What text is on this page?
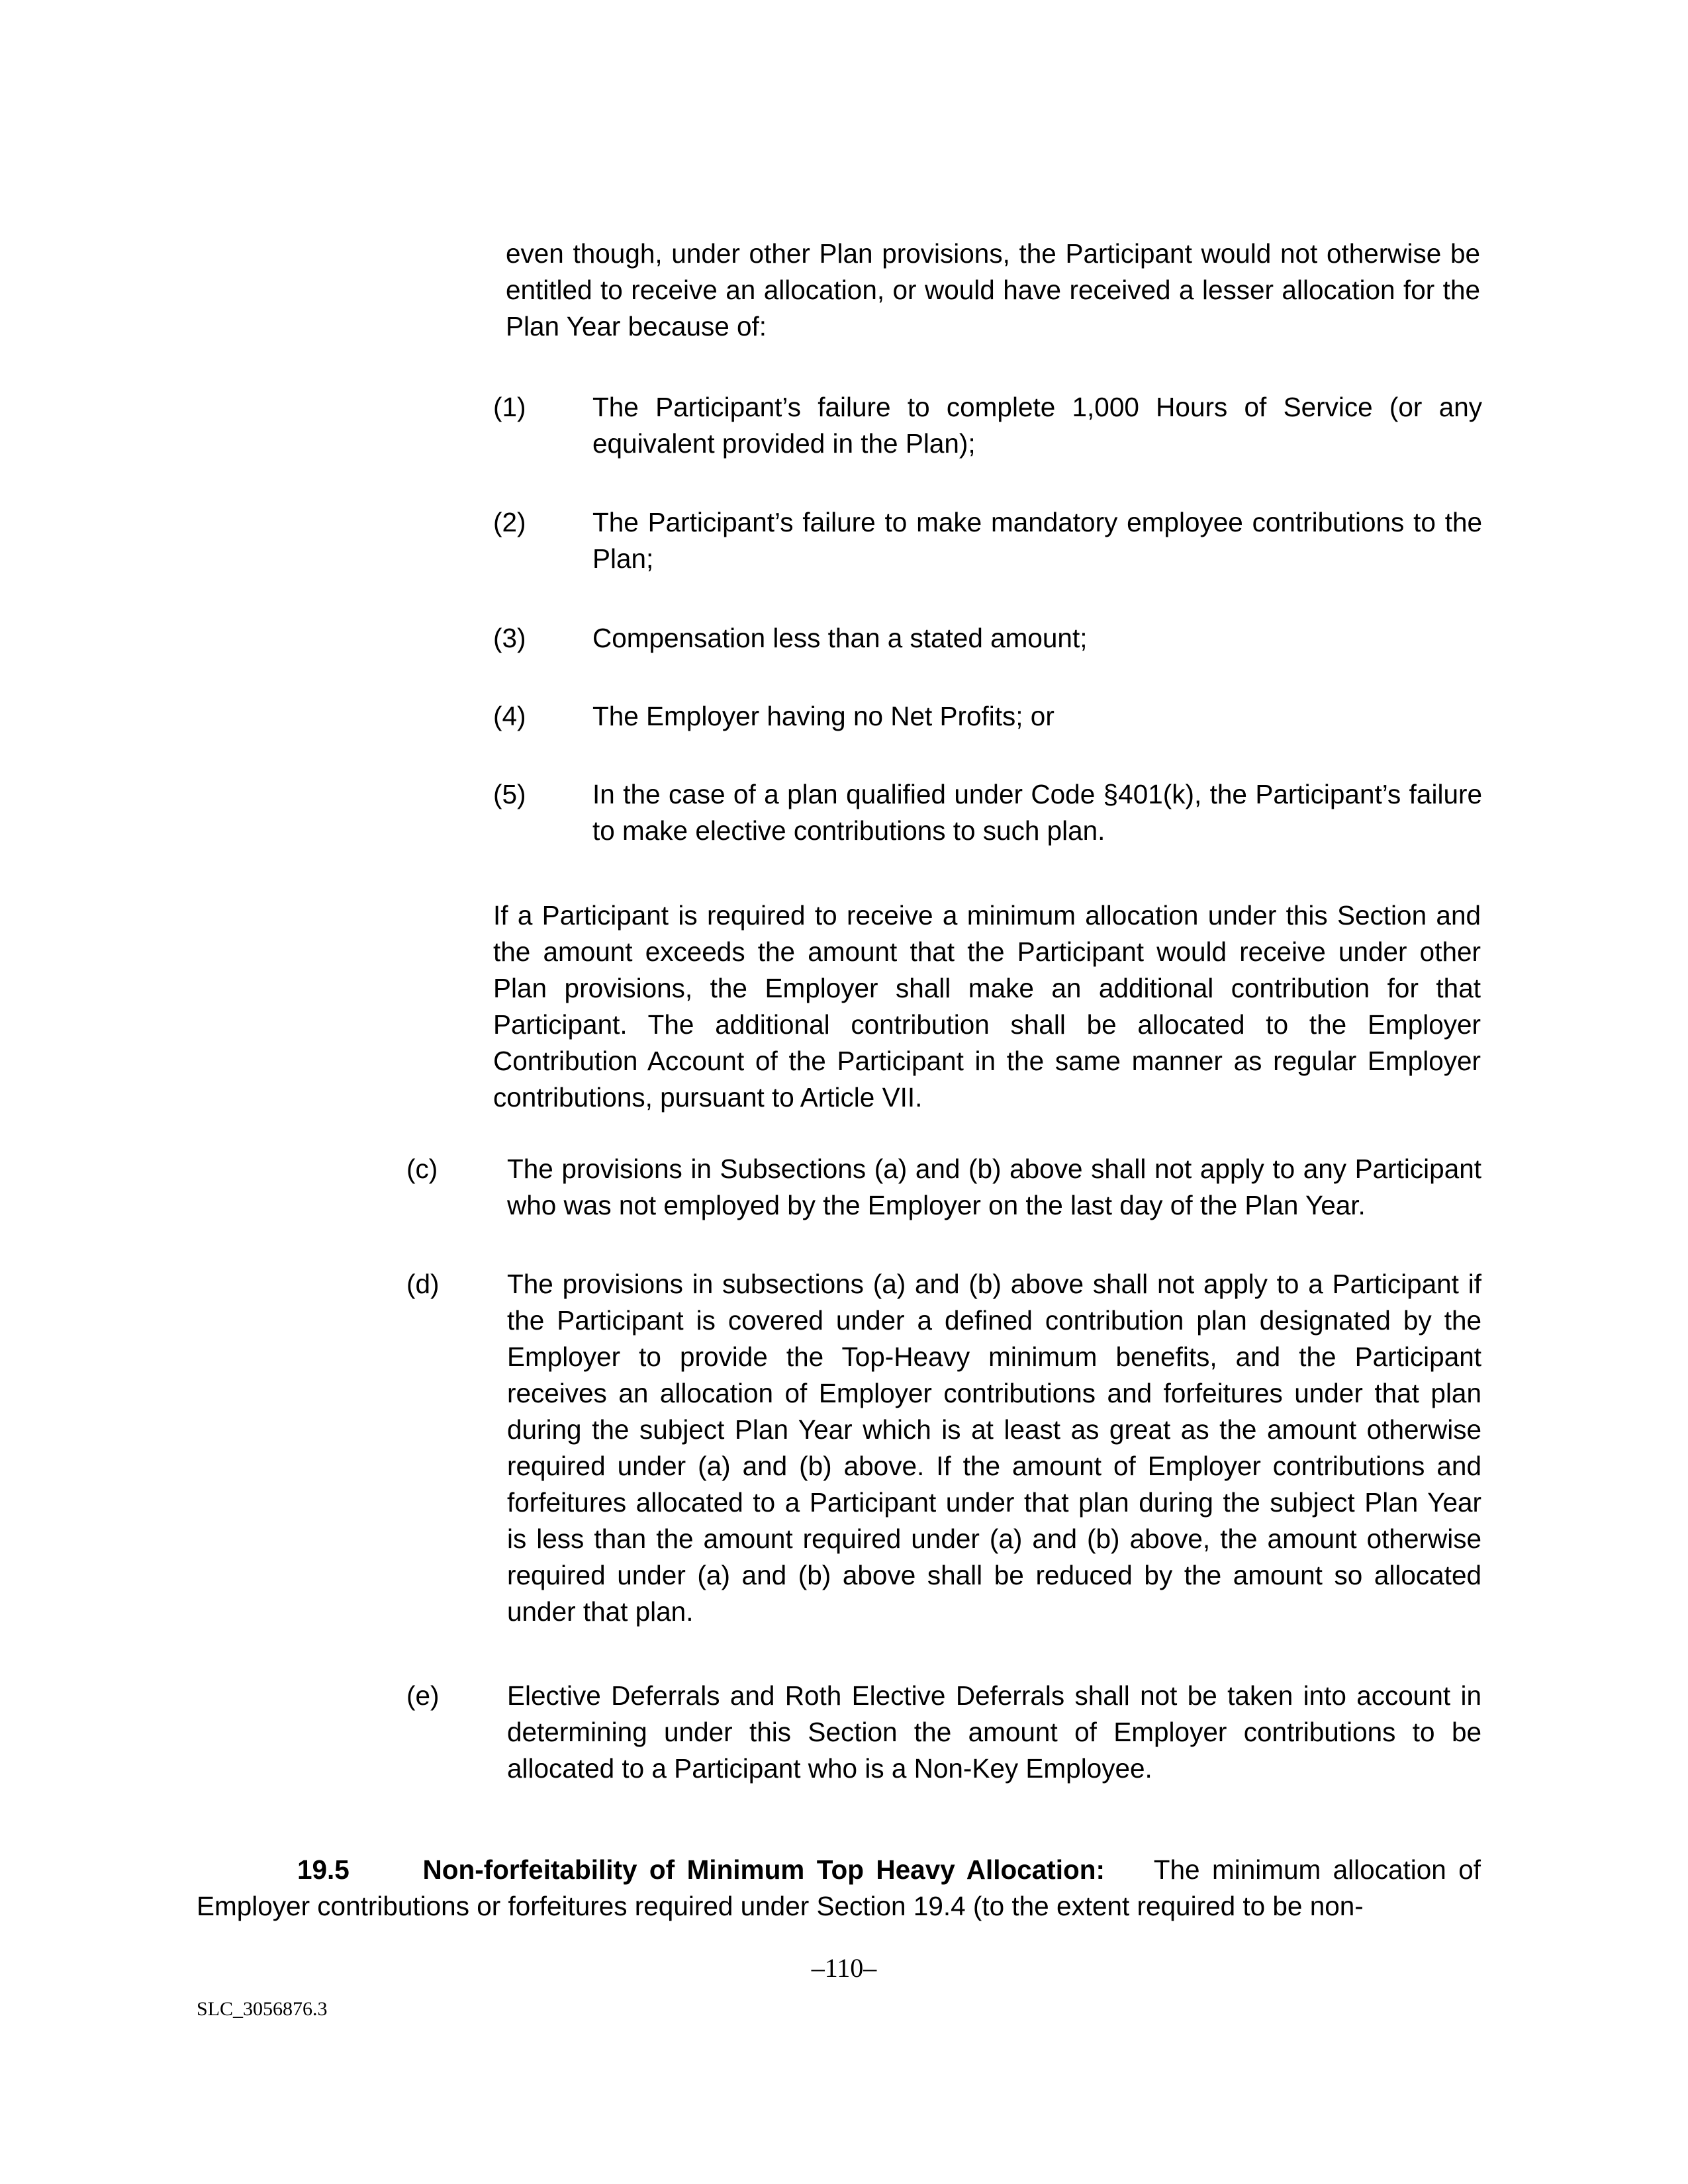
even though, under other Plan provisions, the Participant would not otherwise be entitled to receive an allocation, or would have received a lesser allocation for the Plan Year because of:

(1) The Participant’s failure to complete 1,000 Hours of Service (or any equivalent provided in the Plan);
(2) The Participant’s failure to make mandatory employee contributions to the Plan;
(3) Compensation less than a stated amount;
(4) The Employer having no Net Profits; or
(5) In the case of a plan qualified under Code §401(k), the Participant’s failure to make elective contributions to such plan.

If a Participant is required to receive a minimum allocation under this Section and the amount exceeds the amount that the Participant would receive under other Plan provisions, the Employer shall make an additional contribution for that Participant. The additional contribution shall be allocated to the Employer Contribution Account of the Participant in the same manner as regular Employer contributions, pursuant to Article VII.

(c)	The provisions in Subsections (a) and (b) above shall not apply to any Participant who was not employed by the Employer on the last day of the Plan Year.
(d)	The provisions in subsections (a) and (b) above shall not apply to a Participant if the Participant is covered under a defined contribution plan designated by the Employer to provide the Top-Heavy minimum benefits, and the Participant receives an allocation of Employer contributions and forfeitures under that plan during the subject Plan Year which is at least as great as the amount otherwise required under (a) and (b) above. If the amount of Employer contributions and forfeitures allocated to a Participant under that plan during the subject Plan Year is less than the amount required under (a) and (b) above, the amount otherwise required under (a) and (b) above shall be reduced by the amount so allocated under that plan.
(e)	Elective Deferrals and Roth Elective Deferrals shall not be taken into account in determining under this Section the amount of Employer contributions to be allocated to a Participant who is a Non-Key Employee.

19.5	Non-forfeitability of Minimum Top Heavy Allocation: The minimum allocation of Employer contributions or forfeitures required under Section 19.4 (to the extent required to be non-

–110–
SLC_3056876.3
